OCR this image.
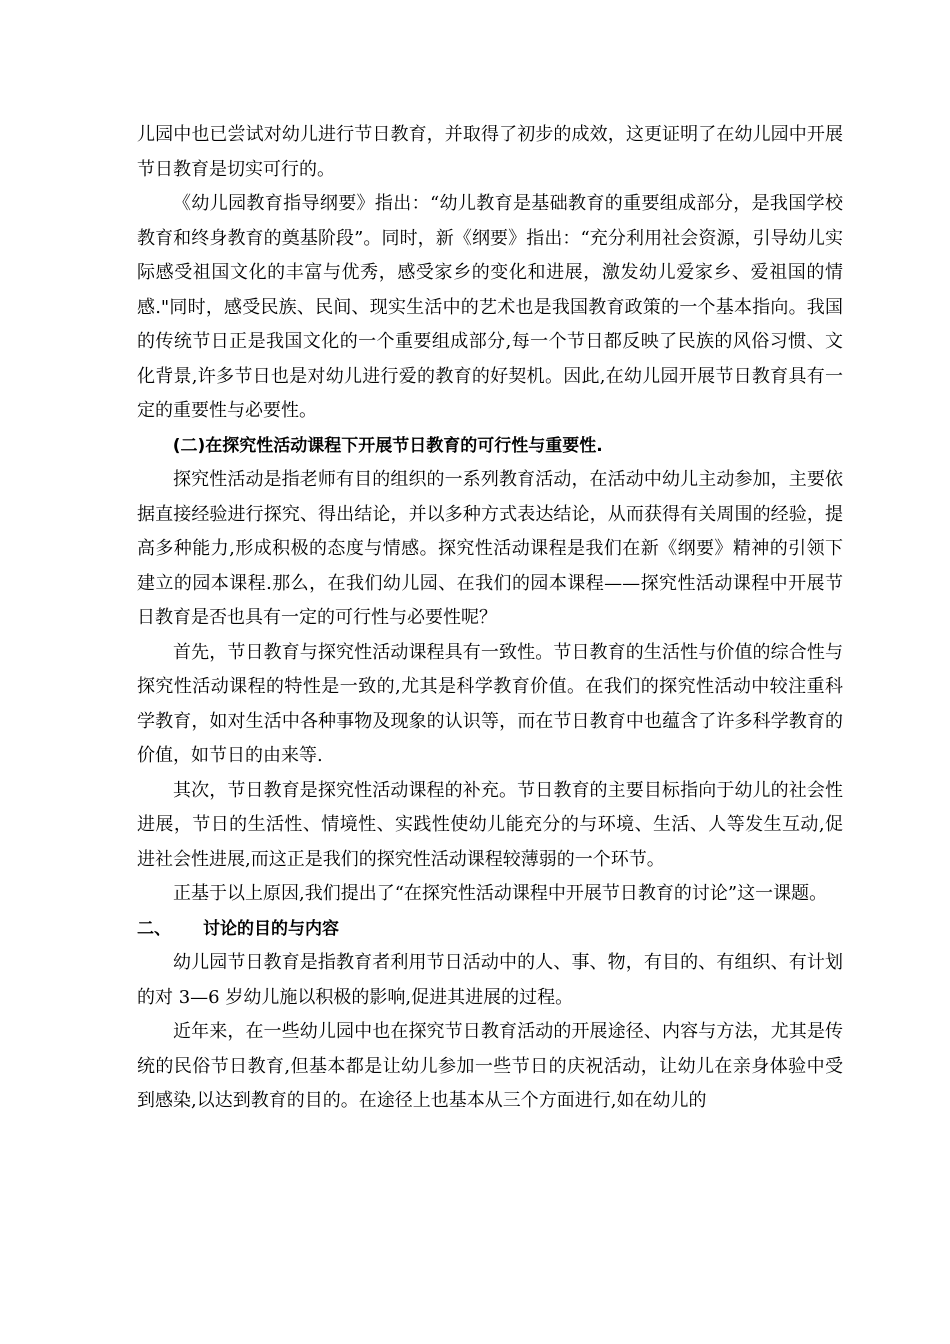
儿园中也已尝试对幼儿进行节日教育，并取得了初步的成效，这更证明了在幼儿园中开展节日教育是切实可行的。

《幼儿园教育指导纲要》指出：“幼儿教育是基础教育的重要组成部分，是我国学校教育和终身教育的奠基阶段”。同时，新《纲要》指出：“充分利用社会资源，引导幼儿实际感受祖国文化的丰富与优秀，感受家乡的变化和进展，激发幼儿爱家乡、爱祖国的情感."同时，感受民族、民间、现实生活中的艺术也是我国教育政策的一个基本指向。我国的传统节日正是我国文化的一个重要组成部分,每一个节日都反映了民族的风俗习惯、文化背景,许多节日也是对幼儿进行爱的教育的好契机。因此,在幼儿园开展节日教育具有一定的重要性与必要性。

(二)在探究性活动课程下开展节日教育的可行性与重要性.

探究性活动是指老师有目的组织的一系列教育活动，在活动中幼儿主动参加，主要依据直接经验进行探究、得出结论，并以多种方式表达结论，从而获得有关周围的经验，提高多种能力,形成积极的态度与情感。探究性活动课程是我们在新《纲要》精神的引领下建立的园本课程.那么，在我们幼儿园、在我们的园本课程——探究性活动课程中开展节日教育是否也具有一定的可行性与必要性呢？

首先，节日教育与探究性活动课程具有一致性。节日教育的生活性与价值的综合性与探究性活动课程的特性是一致的,尤其是科学教育价值。在我们的探究性活动中较注重科学教育，如对生活中各种事物及现象的认识等，而在节日教育中也蕴含了许多科学教育的价值，如节日的由来等.

其次，节日教育是探究性活动课程的补充。节日教育的主要目标指向于幼儿的社会性进展，节日的生活性、情境性、实践性使幼儿能充分的与环境、生活、人等发生互动,促进社会性进展,而这正是我们的探究性活动课程较薄弱的一个环节。

正基于以上原因,我们提出了“在探究性活动课程中开展节日教育的讨论”这一课题。

二、 讨论的目的与内容

幼儿园节日教育是指教育者利用节日活动中的人、事、物，有目的、有组织、有计划的对 3—6 岁幼儿施以积极的影响,促进其进展的过程。

近年来，在一些幼儿园中也在探究节日教育活动的开展途径、内容与方法，尤其是传统的民俗节日教育,但基本都是让幼儿参加一些节日的庆祝活动，让幼儿在亲身体验中受到感染,以达到教育的目的。在途径上也基本从三个方面进行,如在幼儿的
